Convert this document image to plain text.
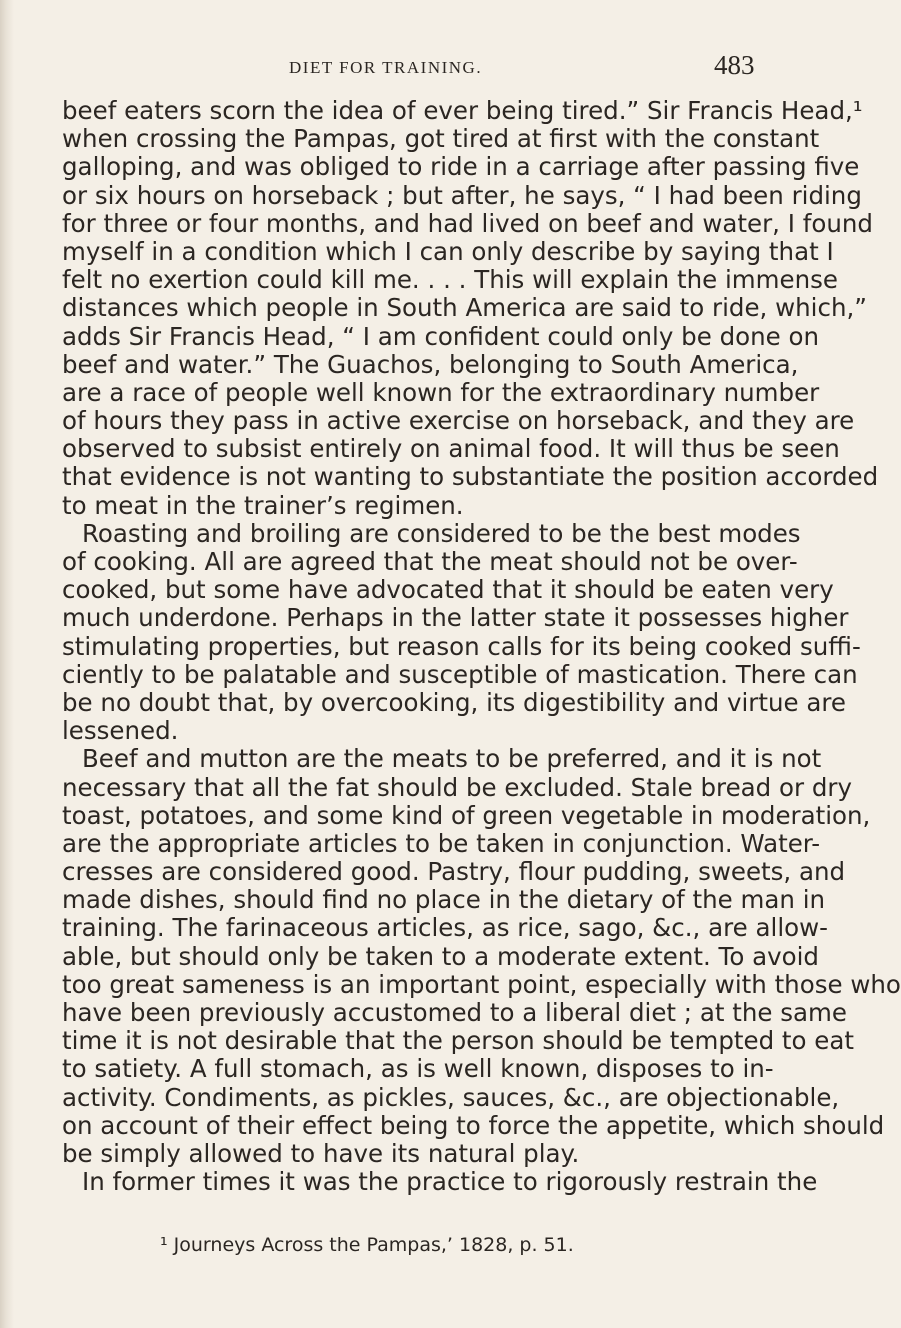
DIET FOR TRAINING.	483
beef eaters scorn the idea of ever being tired.” Sir Francis Head,¹
when crossing the Pampas, got tired at first with the constant
galloping, and was obliged to ride in a carriage after passing five
or six hours on horseback ; but after, he says, “ I had been riding
for three or four months, and had lived on beef and water, I found
myself in a condition which I can only describe by saying that I
felt no exertion could kill me. . . . This will explain the immense
distances which people in South America are said to ride, which,”
adds Sir Francis Head, “ I am confident could only be done on
beef and water.” The Guachos, belonging to South America,
are a race of people well known for the extraordinary number
of hours they pass in active exercise on horseback, and they are
observed to subsist entirely on animal food. It will thus be seen
that evidence is not wanting to substantiate the position accorded
to meat in the trainer’s regimen.
Roasting and broiling are considered to be the best modes
of cooking. All are agreed that the meat should not be over-
cooked, but some have advocated that it should be eaten very
much underdone. Perhaps in the latter state it possesses higher
stimulating properties, but reason calls for its being cooked suffi-
ciently to be palatable and susceptible of mastication. There can
be no doubt that, by overcooking, its digestibility and virtue are
lessened.
Beef and mutton are the meats to be preferred, and it is not
necessary that all the fat should be excluded. Stale bread or dry
toast, potatoes, and some kind of green vegetable in moderation,
are the appropriate articles to be taken in conjunction. Water-
cresses are considered good. Pastry, flour pudding, sweets, and
made dishes, should find no place in the dietary of the man in
training. The farinaceous articles, as rice, sago, &c., are allow-
able, but should only be taken to a moderate extent. To avoid
too great sameness is an important point, especially with those who
have been previously accustomed to a liberal diet ; at the same
time it is not desirable that the person should be tempted to eat
to satiety. A full stomach, as is well known, disposes to in-
activity. Condiments, as pickles, sauces, &c., are objectionable,
on account of their effect being to force the appetite, which should
be simply allowed to have its natural play.
In former times it was the practice to rigorously restrain the
¹ Journeys Across the Pampas,’ 1828, p. 51.
